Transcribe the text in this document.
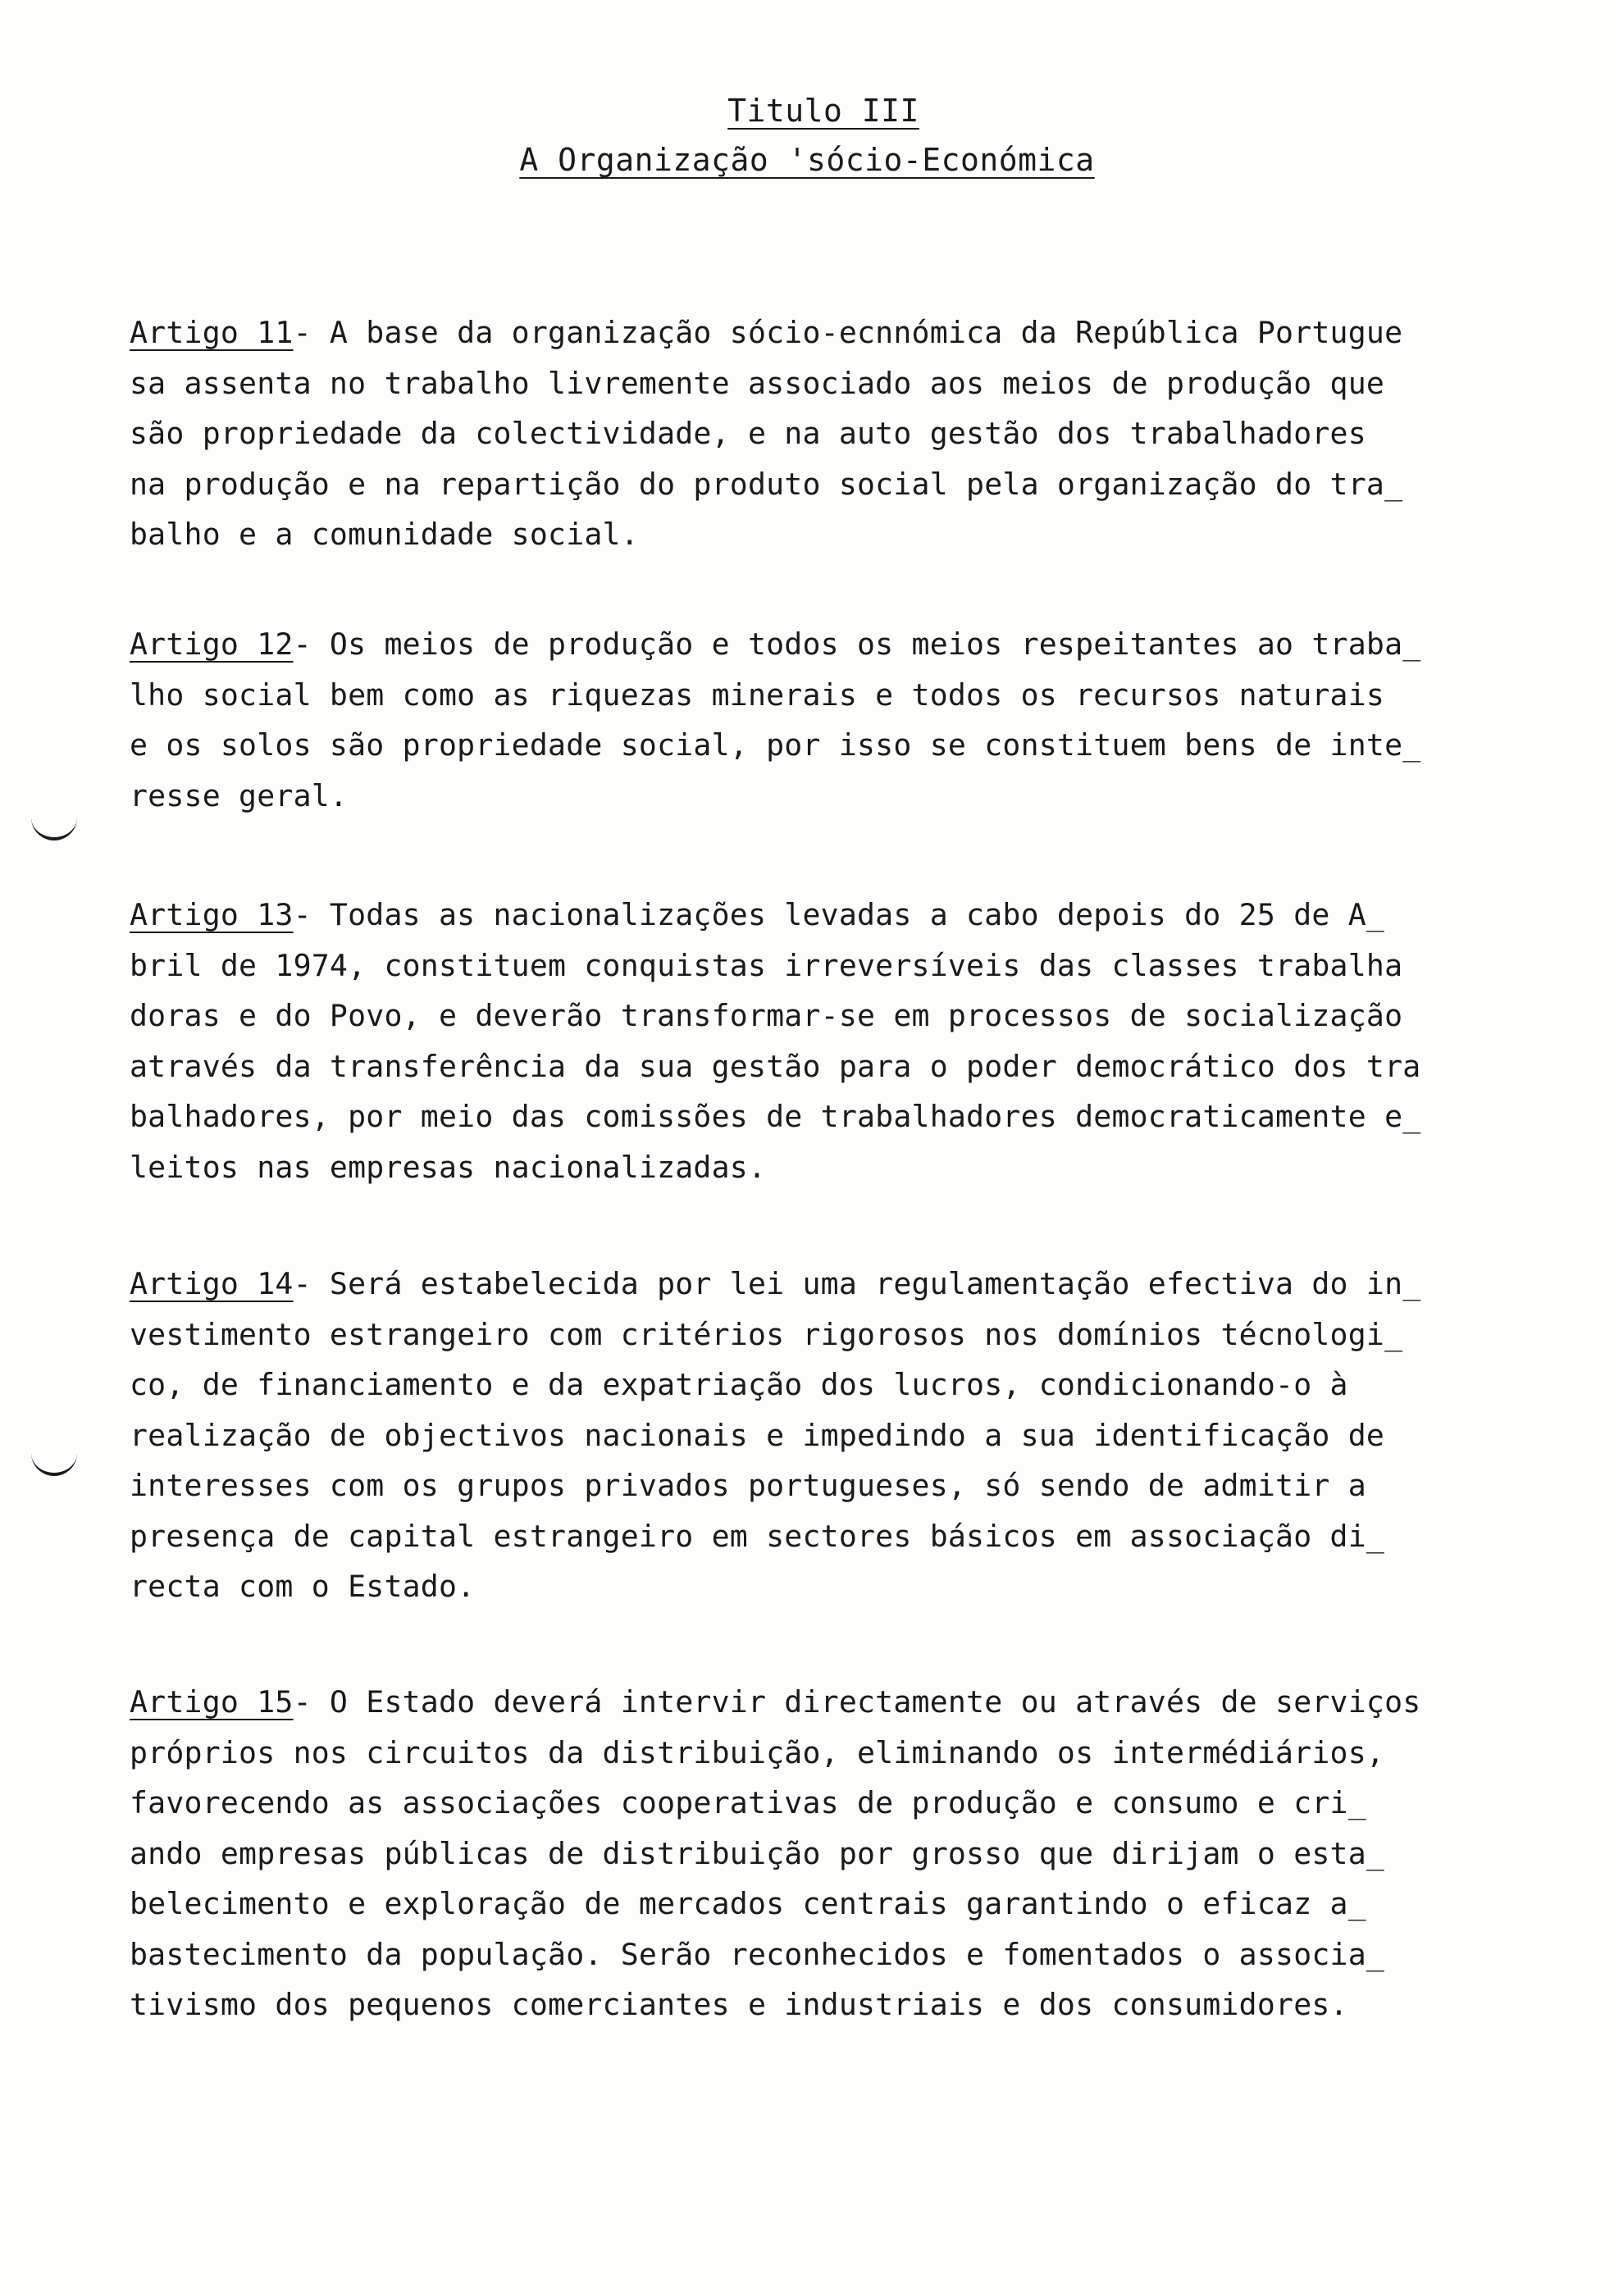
Titulo III
A Organização 'sócio-Económica
Artigo 11- A base da organização sócio-ecnnómica da República Portugue
sa assenta no trabalho livremente associado aos meios de produção que
são propriedade da colectividade, e na auto gestão dos trabalhadores
na produção e na repartição do produto social pela organização do tra_
balho e a comunidade social.
Artigo 12- Os meios de produção e todos os meios respeitantes ao traba_
lho social bem como as riquezas minerais e todos os recursos naturais
e os solos são propriedade social, por isso se constituem bens de inte_
resse geral.
Artigo 13- Todas as nacionalizações levadas a cabo depois do 25 de A_
bril de 1974, constituem conquistas irreversíveis das classes trabalha
doras e do Povo, e deverão transformar-se em processos de socialização
através da transferência da sua gestão para o poder democrático dos tra
balhadores, por meio das comissões de trabalhadores democraticamente e_
leitos nas empresas nacionalizadas.
Artigo 14- Será estabelecida por lei uma regulamentação efectiva do in_
vestimento estrangeiro com critérios rigorosos nos domínios técnologi_
co, de financiamento e da expatriação dos lucros, condicionando-o à
realização de objectivos nacionais e impedindo a sua identificação de
interesses com os grupos privados portugueses, só sendo de admitir a
presença de capital estrangeiro em sectores básicos em associação di_
recta com o Estado.
Artigo 15- O Estado deverá intervir directamente ou através de serviços
próprios nos circuitos da distribuição, eliminando os intermédiários,
favorecendo as associações cooperativas de produção e consumo e cri_
ando empresas públicas de distribuição por grosso que dirijam o esta_
belecimento e exploração de mercados centrais garantindo o eficaz a_
bastecimento da população. Serão reconhecidos e fomentados o associa_
tivismo dos pequenos comerciantes e industriais e dos consumidores.
